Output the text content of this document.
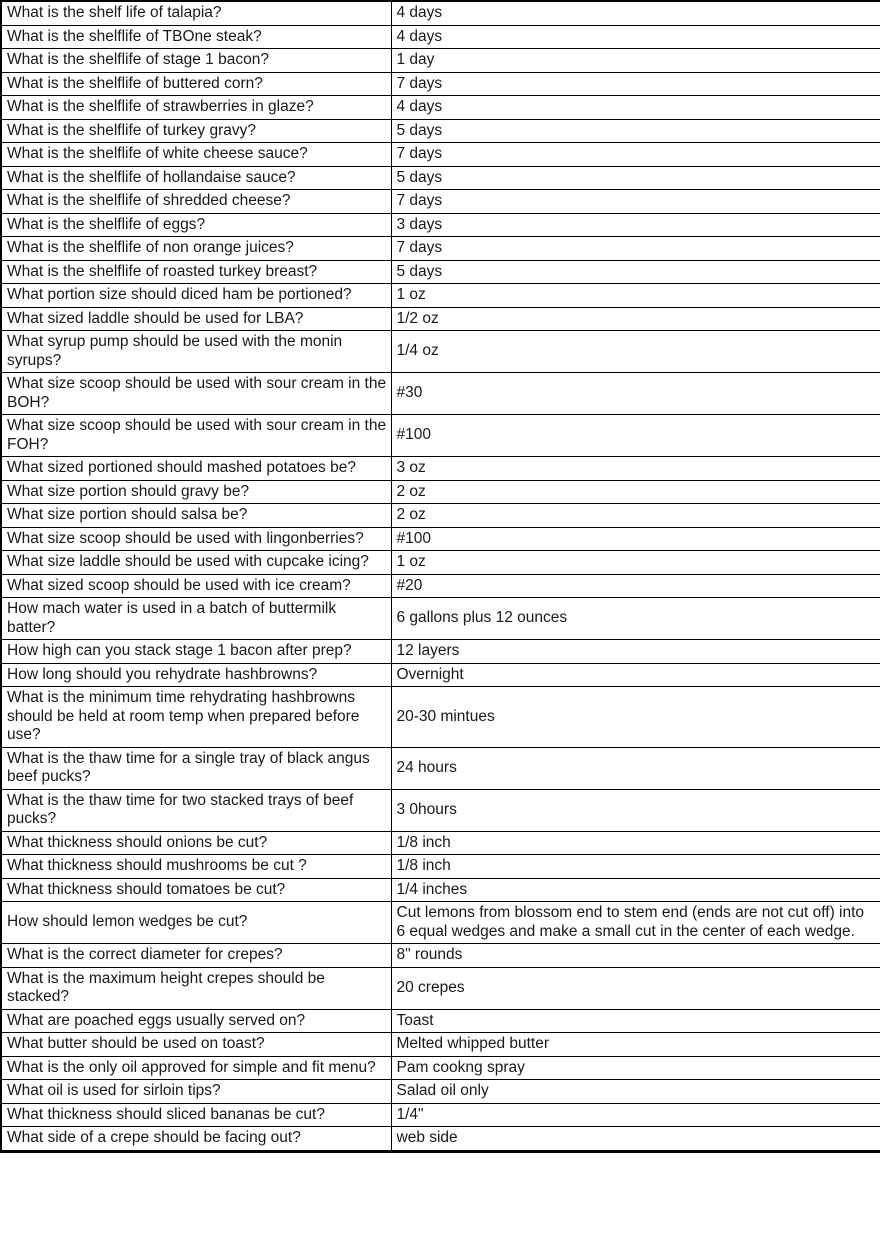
What is the shelf life of talapia?	4 days
What is the shelflife of TBOne steak?	4 days
What is the shelflife of stage 1 bacon?	1 day
What is the shelflife of buttered corn?	7 days
What is the shelflife of strawberries in glaze?	4 days
What is the shelflife of turkey gravy?	5 days
What is the shelflife of white cheese sauce?	7 days
What is the shelflife of hollandaise sauce?	5 days
What is the shelflife of shredded cheese?	7 days
What is the shelflife of eggs?	3 days
What is the shelflife of non orange juices?	7 days
What is the shelflife of roasted turkey breast?	5 days
What portion size should diced ham be portioned?	1 oz
What sized laddle should be used for LBA?	1/2 oz
What syrup pump should be used with the monin syrups?	1/4 oz
What size scoop should be used with sour cream in the BOH?	#30
What size scoop should be used with sour cream in the FOH?	#100
What sized portioned should mashed potatoes be?	3 oz
What size portion should gravy be?	2 oz
What size portion should salsa be?	2 oz
What size scoop should be used with lingonberries?	#100
What size laddle should be used with cupcake icing?	1 oz
What sized scoop should be used with ice cream?	#20
How mach water is used in a batch of buttermilk batter?	6 gallons plus 12 ounces
How high can you stack stage 1 bacon after prep?	12 layers
How long should you rehydrate hashbrowns?	Overnight
What is the minimum time rehydrating hashbrowns should be held at room temp when prepared before use?	20-30 mintues
What is the thaw time for a single tray of black angus beef pucks?	24 hours
What is the thaw time for two stacked trays of beef pucks?	3 0hours
What thickness should onions be cut?	1/8 inch
What thickness should mushrooms be cut ?	1/8 inch
What thickness should tomatoes be cut?	1/4 inches
How should lemon wedges be cut?	Cut lemons from blossom end to stem end (ends are not cut off) into 6 equal wedges and make a small cut in the center of each wedge.
What is the correct diameter for crepes?	8" rounds
What is the maximum height crepes should be stacked?	20 crepes
What are poached eggs usually served on?	Toast
What butter should be used on toast?	Melted whipped butter
What is the only oil approved for simple and fit menu?	Pam cookng spray
What oil is used for sirloin tips?	Salad oil only
What thickness should sliced bananas be cut?	1/4"
What side of a crepe should be facing out?	web side
